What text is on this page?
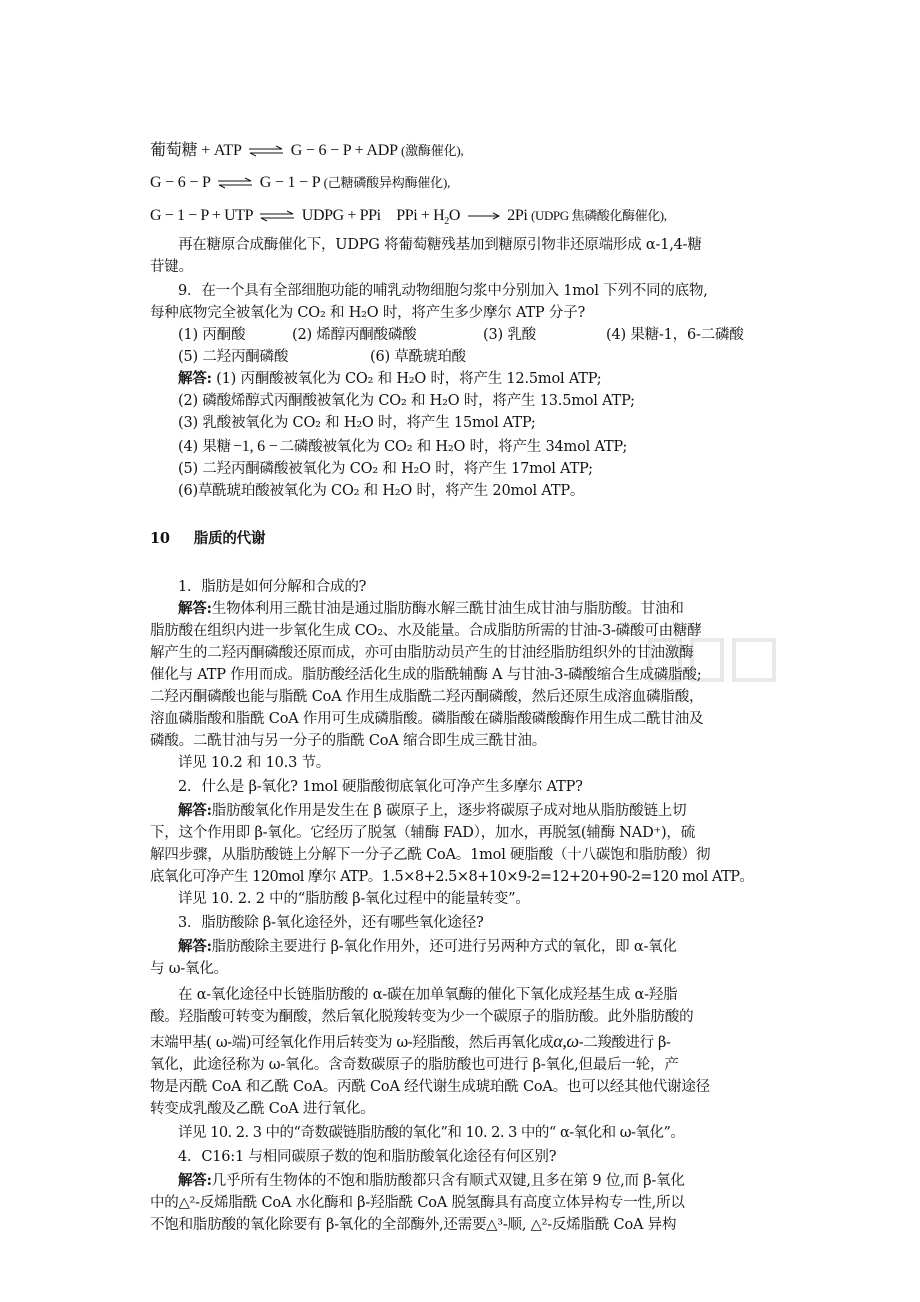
葡萄糖 + ATP ⇌ G − 6 − P + ADP (激酶催化),
G − 6 − P ⇌ G − 1 − P (己糖磷酸异构酶催化),
G − 1 − P + UTP ⇌ UDPG + PPi PPi + $H_2O$	2Pi (UDPG 焦磷酸化酶催化),
再在糖原合成酶催化下，UDPG 将葡萄糖残基加到糖原引物非还原端形成 α-1,4-糖
苷键。
9．在一个具有全部细胞功能的哺乳动物细胞匀浆中分别加入 1mol 下列不同的底物,
每种底物完全被氧化为 CO₂ 和 H₂O 时，将产生多少摩尔 ATP 分子?
(1) 丙酮酸	(2) 烯醇丙酮酸磷酸	(3) 乳酸	(4) 果糖-1，6-二磷酸
(5) 二羟丙酮磷酸	(6) 草酰琥珀酸
解答: (1) 丙酮酸被氧化为 CO₂ 和 H₂O 时，将产生 12.5mol ATP;
(2) 磷酸烯醇式丙酮酸被氧化为 CO₂ 和 H₂O 时，将产生 13.5mol ATP;
(3) 乳酸被氧化为 CO₂ 和 H₂O 时，将产生 15mol ATP;
(4) 果糖 −1, 6 − 二磷酸被氧化为 CO₂ 和 H₂O 时，将产生 34mol ATP;
(5) 二羟丙酮磷酸被氧化为 CO₂ 和 H₂O 时，将产生 17mol ATP;
(6)草酰琥珀酸被氧化为 CO₂ 和 H₂O 时，将产生 20mol ATP。
10 脂质的代谢
1．脂肪是如何分解和合成的?
解答:生物体利用三酰甘油是通过脂肪酶水解三酰甘油生成甘油与脂肪酸。甘油和
脂肪酸在组织内进一步氧化生成 CO₂、水及能量。合成脂肪所需的甘油-3-磷酸可由糖酵
解产生的二羟丙酮磷酸还原而成，亦可由脂肪动员产生的甘油经脂肪组织外的甘油激酶
催化与 ATP 作用而成。脂肪酸经活化生成的脂酰辅酶 A 与甘油-3-磷酸缩合生成磷脂酸;
二羟丙酮磷酸也能与脂酰 CoA 作用生成脂酰二羟丙酮磷酸，然后还原生成溶血磷脂酸，
溶血磷脂酸和脂酰 CoA 作用可生成磷脂酸。磷脂酸在磷脂酸磷酸酶作用生成二酰甘油及
磷酸。二酰甘油与另一分子的脂酰 CoA 缩合即生成三酰甘油。
详见 10.2 和 10.3 节。
2．什么是 β-氧化? 1mol 硬脂酸彻底氧化可净产生多摩尔 ATP?
解答:脂肪酸氧化作用是发生在 β 碳原子上，逐步将碳原子成对地从脂肪酸链上切
下，这个作用即 β-氧化。它经历了脱氢（辅酶 FAD），加水，再脱氢(辅酶 NAD⁺)，硫
解四步骤，从脂肪酸链上分解下一分子乙酰 CoA。1mol 硬脂酸（十八碳饱和脂肪酸）彻
底氧化可净产生 120mol 摩尔 ATP。1.5×8+2.5×8+10×9-2=12+20+90-2=120 mol ATP。
详见 10. 2. 2 中的“脂肪酸 β-氧化过程中的能量转变”。
3．脂肪酸除 β-氧化途径外，还有哪些氧化途径?
解答:脂肪酸除主要进行 β-氧化作用外，还可进行另两种方式的氧化，即 α-氧化
与 ω-氧化。
在 α-氧化途径中长链脂肪酸的 α-碳在加单氧酶的催化下氧化成羟基生成 α-羟脂
酸。羟脂酸可转变为酮酸，然后氧化脱羧转变为少一个碳原子的脂肪酸。此外脂肪酸的
末端甲基( ω-端)可经氧化作用后转变为 ω-羟脂酸，然后再氧化成α,ω-二羧酸进行 β-
氧化，此途径称为 ω-氧化。含奇数碳原子的脂肪酸也可进行 β-氧化,但最后一轮，产
物是丙酰 CoA 和乙酰 CoA。丙酰 CoA 经代谢生成琥珀酰 CoA。也可以经其他代谢途径
转变成乳酸及乙酰 CoA 进行氧化。
详见 10. 2. 3 中的“奇数碳链脂肪酸的氧化”和 10. 2. 3 中的“ α-氧化和 ω-氧化”。
4．C16:1 与相同碳原子数的饱和脂肪酸氧化途径有何区别?
解答:几乎所有生物体的不饱和脂肪酸都只含有顺式双键,且多在第 9 位,而 β-氧化
中的△²-反烯脂酰 CoA 水化酶和 β-羟脂酰 CoA 脱氢酶具有高度立体异构专一性,所以
不饱和脂肪酸的氧化除要有 β-氧化的全部酶外,还需要△³-顺, △²-反烯脂酰 CoA 异构
